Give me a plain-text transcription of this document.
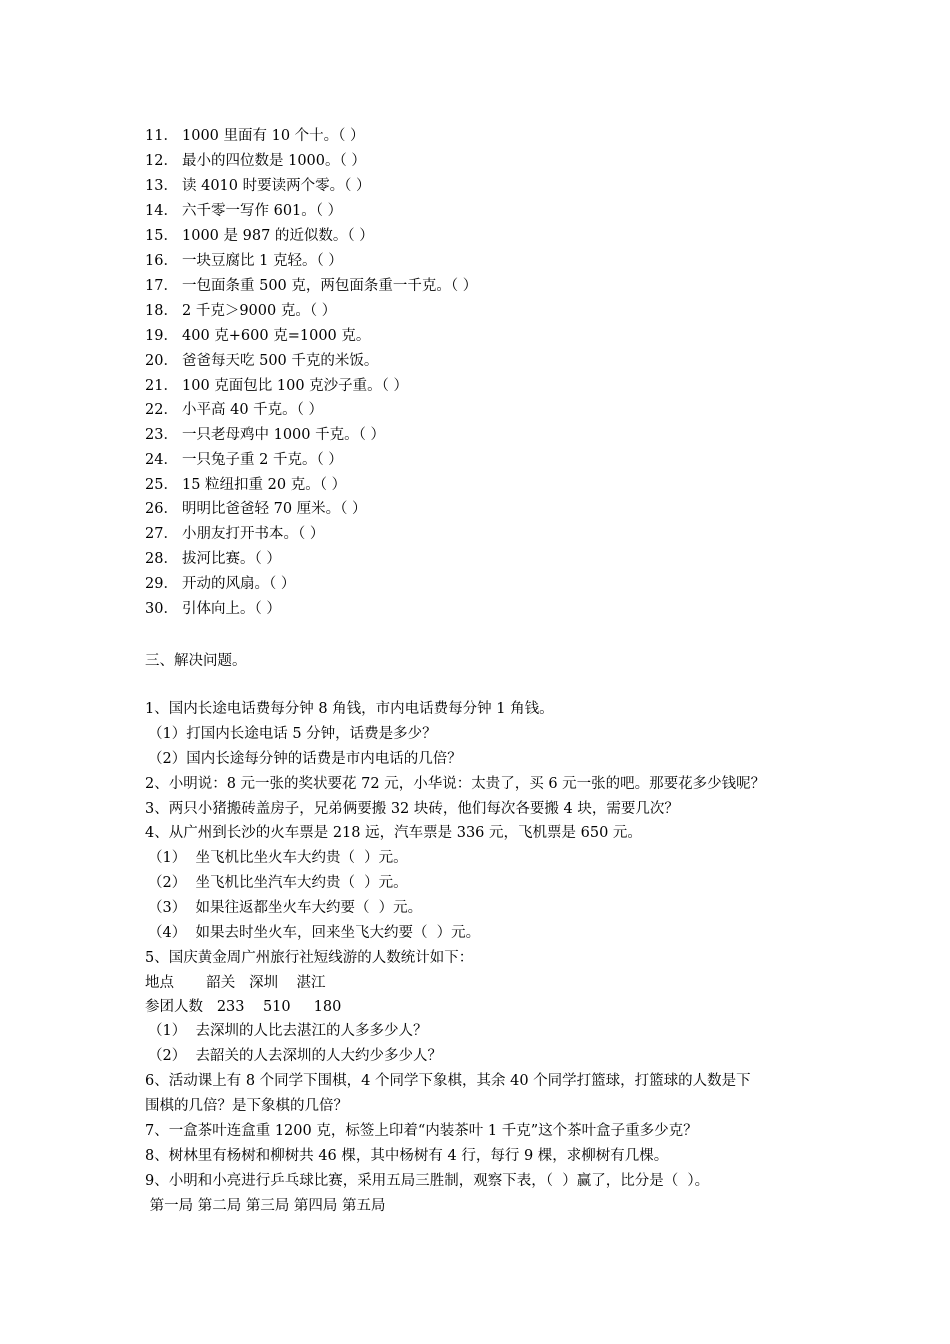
11． 1000 里面有 10 个十。（ ）
12． 最小的四位数是 1000。（ ）
13． 读 4010 时要读两个零。（ ）
14． 六千零一写作 601。（ ）
15． 1000 是 987 的近似数。（ ）
16． 一块豆腐比 1 克轻。（ ）
17． 一包面条重 500 克，两包面条重一千克。（ ）
18． 2 千克＞9000 克。（ ）
19． 400 克+600 克=1000 克。
20． 爸爸每天吃 500 千克的米饭。
21． 100 克面包比 100 克沙子重。（ ）
22． 小平高 40 千克。（ ）
23． 一只老母鸡中 1000 千克。（ ）
24． 一只兔子重 2 千克。（ ）
25． 15 粒纽扣重 20 克。（ ）
26． 明明比爸爸轻 70 厘米。（ ）
27． 小朋友打开书本。（ ）
28． 拔河比赛。（ ）
29． 开动的风扇。（ ）
30． 引体向上。（ ）
三、解决问题。
1、国内长途电话费每分钟 8 角钱，市内电话费每分钟 1 角钱。
（1）打国内长途电话 5 分钟，话费是多少？
（2）国内长途每分钟的话费是市内电话的几倍？
2、小明说：8 元一张的奖状要花 72 元，小华说：太贵了，买 6 元一张的吧。那要花多少钱呢？
3、两只小猪搬砖盖房子，兄弟俩要搬 32 块砖，他们每次各要搬 4 块，需要几次？
4、从广州到长沙的火车票是 218 远，汽车票是 336 元，飞机票是 650 元。
（1）  坐飞机比坐火车大约贵（  ）元。
（2）  坐飞机比坐汽车大约贵（  ）元。
（3）  如果往返都坐火车大约要（  ）元。
（4）  如果去时坐火车，回来坐飞大约要（  ）元。
5、国庆黄金周广州旅行社短线游的人数统计如下：
地点       韶关   深圳    湛江
参团人数   233    510     180
（1）  去深圳的人比去湛江的人多多少人？
（2）  去韶关的人去深圳的人大约少多少人？
6、活动课上有 8 个同学下围棋，4 个同学下象棋，其余 40 个同学打篮球，打篮球的人数是下
围棋的几倍？是下象棋的几倍？
7、一盒茶叶连盒重 1200 克，标签上印着“内装茶叶 1 千克”这个茶叶盒子重多少克？
8、树林里有杨树和柳树共 46 棵，其中杨树有 4 行，每行 9 棵，求柳树有几棵。
9、小明和小亮进行乒乓球比赛，采用五局三胜制，观察下表，（  ）赢了，比分是（  ）。
第一局 第二局 第三局 第四局 第五局
